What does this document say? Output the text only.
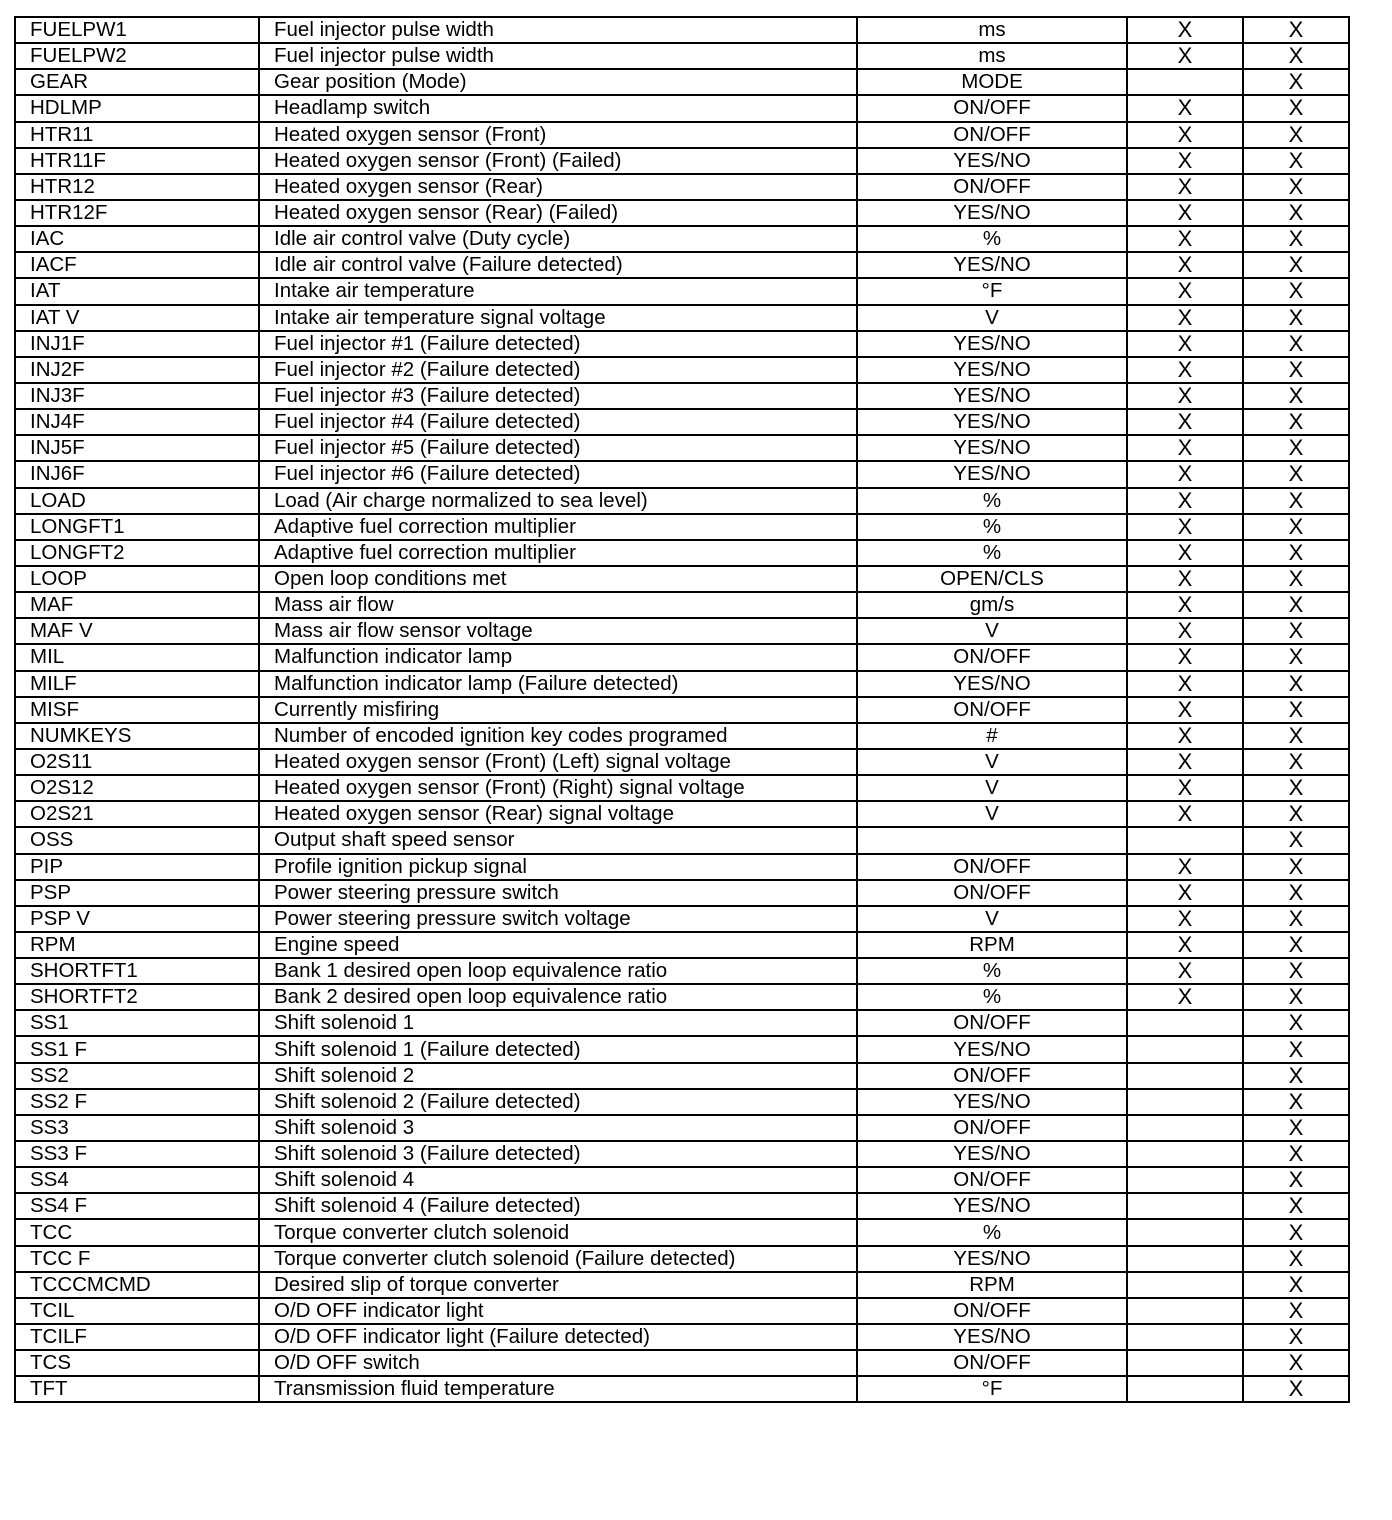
FUELPW1	Fuel injector pulse width	ms	X	X
FUELPW2	Fuel injector pulse width	ms	X	X
GEAR	Gear position (Mode)	MODE		X
HDLMP	Headlamp switch	ON/OFF	X	X
HTR11	Heated oxygen sensor (Front)	ON/OFF	X	X
HTR11F	Heated oxygen sensor (Front) (Failed)	YES/NO	X	X
HTR12	Heated oxygen sensor (Rear)	ON/OFF	X	X
HTR12F	Heated oxygen sensor (Rear) (Failed)	YES/NO	X	X
IAC	Idle air control valve (Duty cycle)	%	X	X
IACF	Idle air control valve (Failure detected)	YES/NO	X	X
IAT	Intake air temperature	°F	X	X
IAT V	Intake air temperature signal voltage	V	X	X
INJ1F	Fuel injector #1 (Failure detected)	YES/NO	X	X
INJ2F	Fuel injector #2 (Failure detected)	YES/NO	X	X
INJ3F	Fuel injector #3 (Failure detected)	YES/NO	X	X
INJ4F	Fuel injector #4 (Failure detected)	YES/NO	X	X
INJ5F	Fuel injector #5 (Failure detected)	YES/NO	X	X
INJ6F	Fuel injector #6 (Failure detected)	YES/NO	X	X
LOAD	Load (Air charge normalized to sea level)	%	X	X
LONGFT1	Adaptive fuel correction multiplier	%	X	X
LONGFT2	Adaptive fuel correction multiplier	%	X	X
LOOP	Open loop conditions met	OPEN/CLS	X	X
MAF	Mass air flow	gm/s	X	X
MAF V	Mass air flow sensor voltage	V	X	X
MIL	Malfunction indicator lamp	ON/OFF	X	X
MILF	Malfunction indicator lamp (Failure detected)	YES/NO	X	X
MISF	Currently misfiring	ON/OFF	X	X
NUMKEYS	Number of encoded ignition key codes programed	#	X	X
O2S11	Heated oxygen sensor (Front) (Left) signal voltage	V	X	X
O2S12	Heated oxygen sensor (Front) (Right) signal voltage	V	X	X
O2S21	Heated oxygen sensor (Rear) signal voltage	V	X	X
OSS	Output shaft speed sensor			X
PIP	Profile ignition pickup signal	ON/OFF	X	X
PSP	Power steering pressure switch	ON/OFF	X	X
PSP V	Power steering pressure switch voltage	V	X	X
RPM	Engine speed	RPM	X	X
SHORTFT1	Bank 1 desired open loop equivalence ratio	%	X	X
SHORTFT2	Bank 2 desired open loop equivalence ratio	%	X	X
SS1	Shift solenoid 1	ON/OFF		X
SS1 F	Shift solenoid 1 (Failure detected)	YES/NO		X
SS2	Shift solenoid 2	ON/OFF		X
SS2 F	Shift solenoid 2 (Failure detected)	YES/NO		X
SS3	Shift solenoid 3	ON/OFF		X
SS3 F	Shift solenoid 3 (Failure detected)	YES/NO		X
SS4	Shift solenoid 4	ON/OFF		X
SS4 F	Shift solenoid 4 (Failure detected)	YES/NO		X
TCC	Torque converter clutch solenoid	%		X
TCC F	Torque converter clutch solenoid (Failure detected)	YES/NO		X
TCCCMCMD	Desired slip of torque converter	RPM		X
TCIL	O/D OFF indicator light	ON/OFF		X
TCILF	O/D OFF indicator light (Failure detected)	YES/NO		X
TCS	O/D OFF switch	ON/OFF		X
TFT	Transmission fluid temperature	°F		X
